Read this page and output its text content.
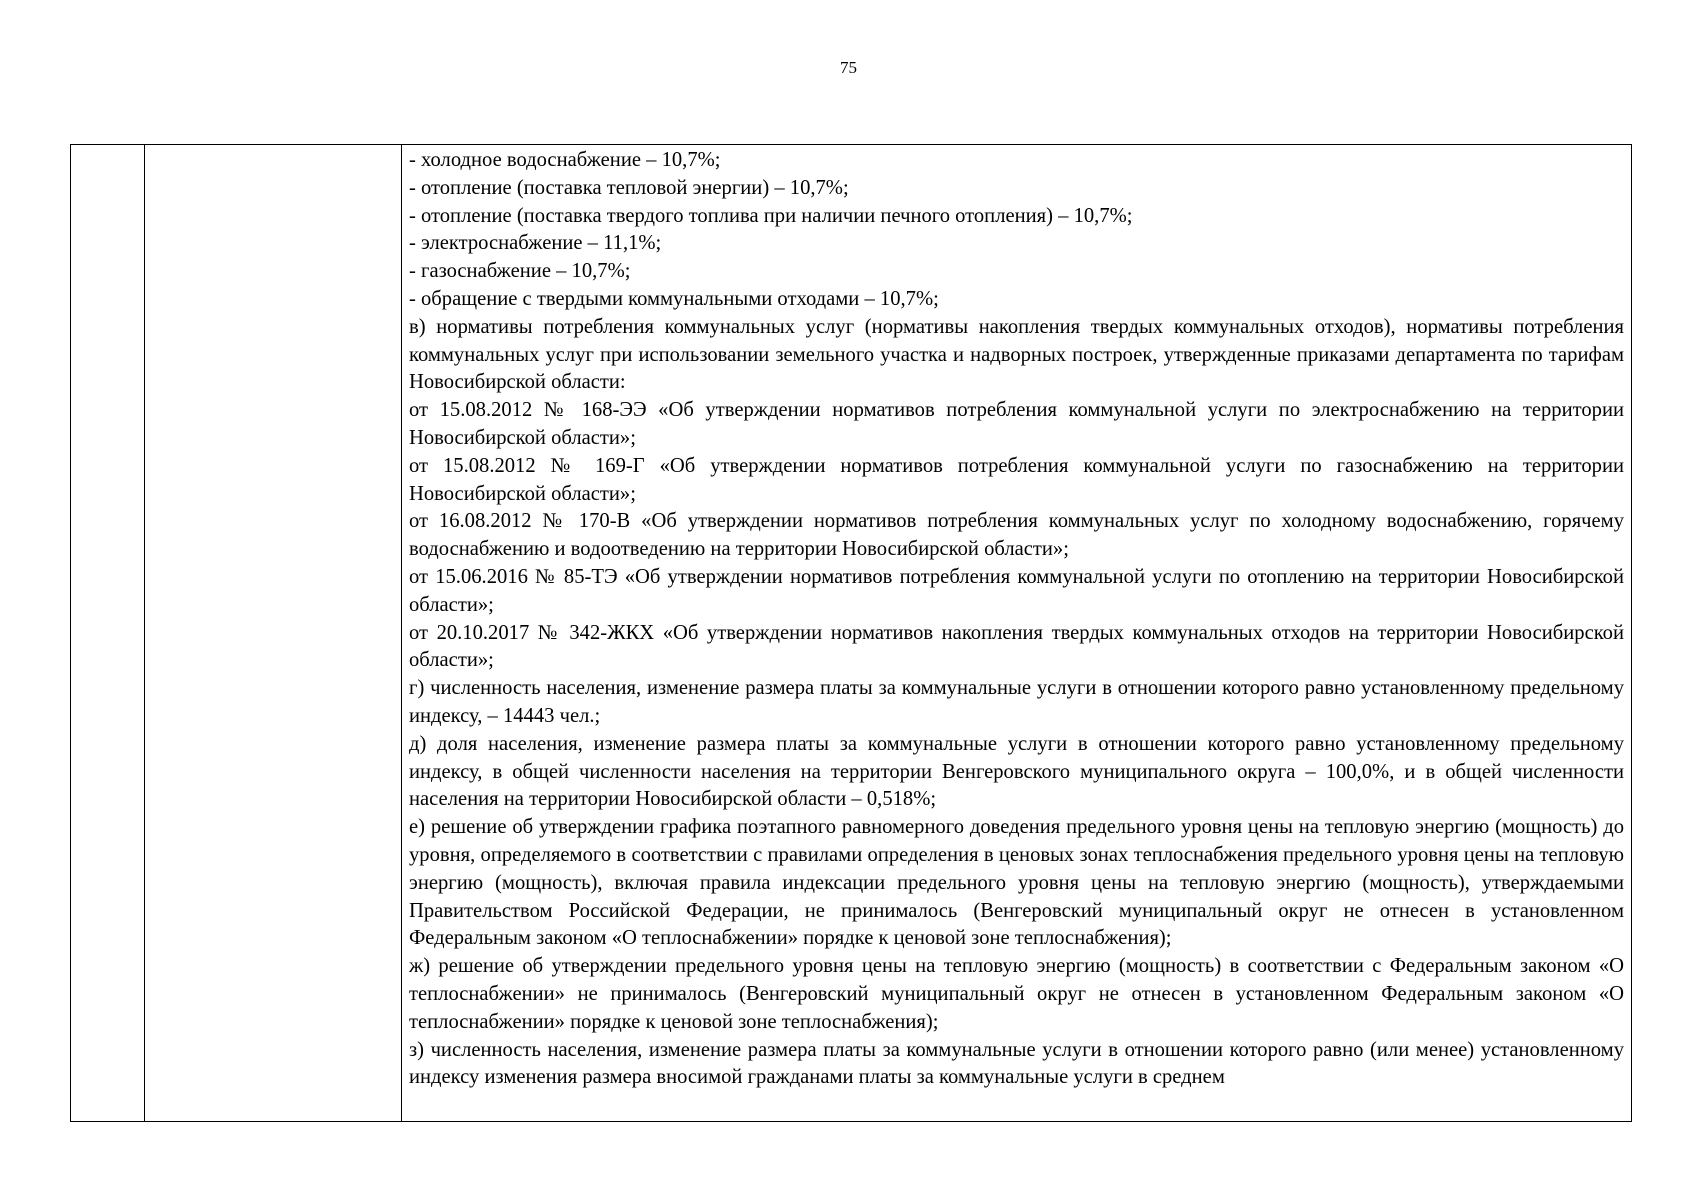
75

- холодное водоснабжение – 10,7%;

- отопление (поставка тепловой энергии) – 10,7%;

- отопление (поставка твердого топлива при наличии печного отопления) – 10,7%;

- электроснабжение – 11,1%;

- газоснабжение – 10,7%;

- обращение с твердыми коммунальными отходами – 10,7%;

в) нормативы потребления коммунальных услуг (нормативы накопления твердых коммунальных отходов), нормативы потребления коммунальных услуг при использовании земельного участка и надворных построек, утвержденные приказами департамента по тарифам Новосибирской области:

от 15.08.2012 № 168-ЭЭ «Об утверждении нормативов потребления коммунальной услуги по электроснабжению на территории Новосибирской области»;

от 15.08.2012 № 169-Г «Об утверждении нормативов потребления коммунальной услуги по газоснабжению на территории Новосибирской области»;

от 16.08.2012 № 170-В «Об утверждении нормативов потребления коммунальных услуг по холодному водоснабжению, горячему водоснабжению и водоотведению на территории Новосибирской области»;

от 15.06.2016 № 85-ТЭ «Об утверждении нормативов потребления коммунальной услуги по отоплению на территории Новосибирской области»;

от 20.10.2017 № 342-ЖКХ «Об утверждении нормативов накопления твердых коммунальных отходов на территории Новосибирской области»;

г) численность населения, изменение размера платы за коммунальные услуги в отношении которого равно установленному предельному индексу, – 14443 чел.;

д) доля населения, изменение размера платы за коммунальные услуги в отношении которого равно установленному предельному индексу, в общей численности населения на территории Венгеровского муниципального округа – 100,0%, и в общей численности населения на территории Новосибирской области – 0,518%;

е) решение об утверждении графика поэтапного равномерного доведения предельного уровня цены на тепловую энергию (мощность) до уровня, определяемого в соответствии с правилами определения в ценовых зонах теплоснабжения предельного уровня цены на тепловую энергию (мощность), включая правила индексации предельного уровня цены на тепловую энергию (мощность), утверждаемыми Правительством Российской Федерации, не принималось (Венгеровский муниципальный округ не отнесен в установленном Федеральным законом «О теплоснабжении» порядке к ценовой зоне теплоснабжения);

ж) решение об утверждении предельного уровня цены на тепловую энергию (мощность) в соответствии с Федеральным законом «О теплоснабжении» не принималось (Венгеровский муниципальный округ не отнесен в установленном Федеральным законом «О теплоснабжении» порядке к ценовой зоне теплоснабжения);

з) численность населения, изменение размера платы за коммунальные услуги в отношении которого равно (или менее) установленному индексу изменения размера вносимой гражданами платы за коммунальные услуги в среднем
